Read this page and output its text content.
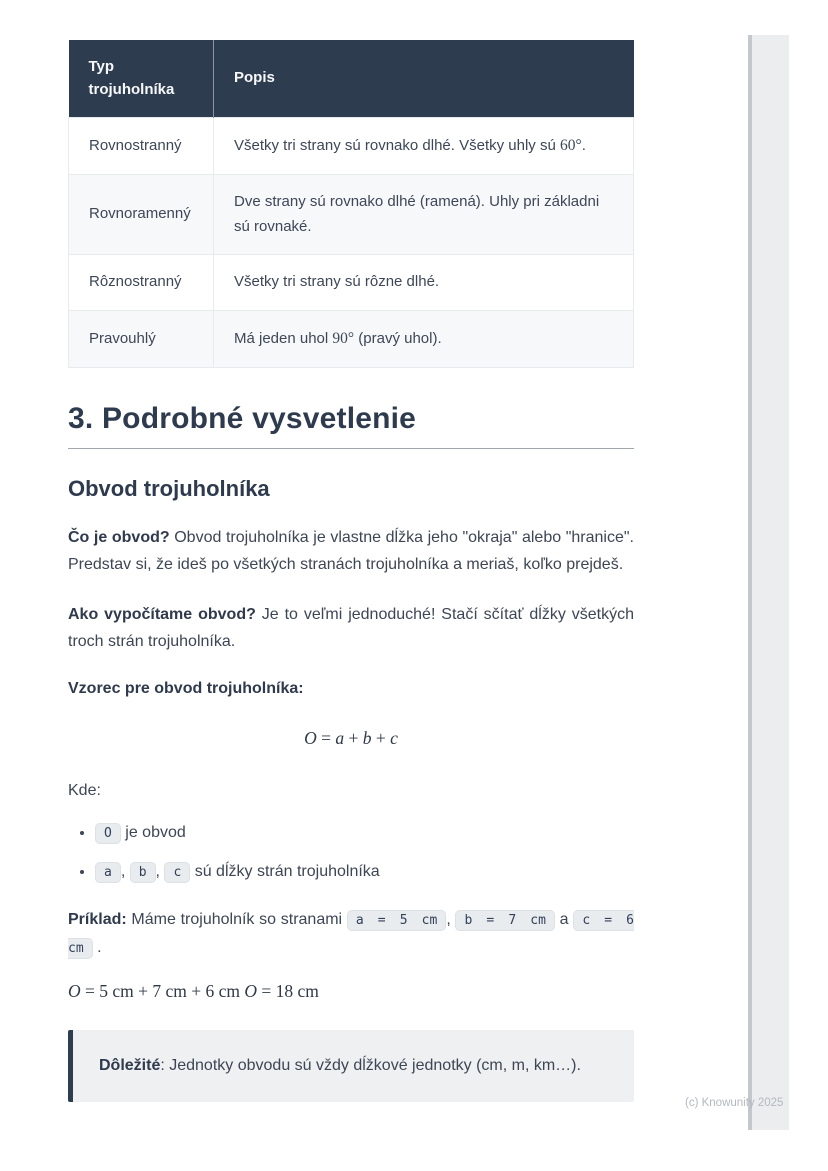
Typ trojuholníka	Popis
Rovnostranný	Všetky tri strany sú rovnako dlhé. Všetky uhly sú 60°.
Rovnoramenný	Dve strany sú rovnako dlhé (ramená). Uhly pri základni sú rovnaké.
Rôznostranný	Všetky tri strany sú rôzne dlhé.
Pravouhlý	Má jeden uhol 90° (pravý uhol).
3. Podrobné vysvetlenie
Obvod trojuholníka

Čo je obvod? Obvod trojuholníka je vlastne dĺžka jeho "okraja" alebo "hranice". Predstav si, že ideš po všetkých stranách trojuholníka a meriaš, koľko prejdeš.

Ako vypočítame obvod? Je to veľmi jednoduché! Stačí sčítať dĺžky všetkých troch strán trojuholníka.

Vzorec pre obvod trojuholníka:

O = a + b + c

Kde:

• O je obvod
• a , b , c sú dĺžky strán trojuholníka

Príklad: Máme trojuholník so stranami a = 5 cm , b = 7 cm a c = 6 cm .

O = 5 cm + 7 cm + 6 cm O = 18 cm
Dôležité: Jednotky obvodu sú vždy dĺžkové jednotky (cm, m, km…).
(c) Knowunity 2025
